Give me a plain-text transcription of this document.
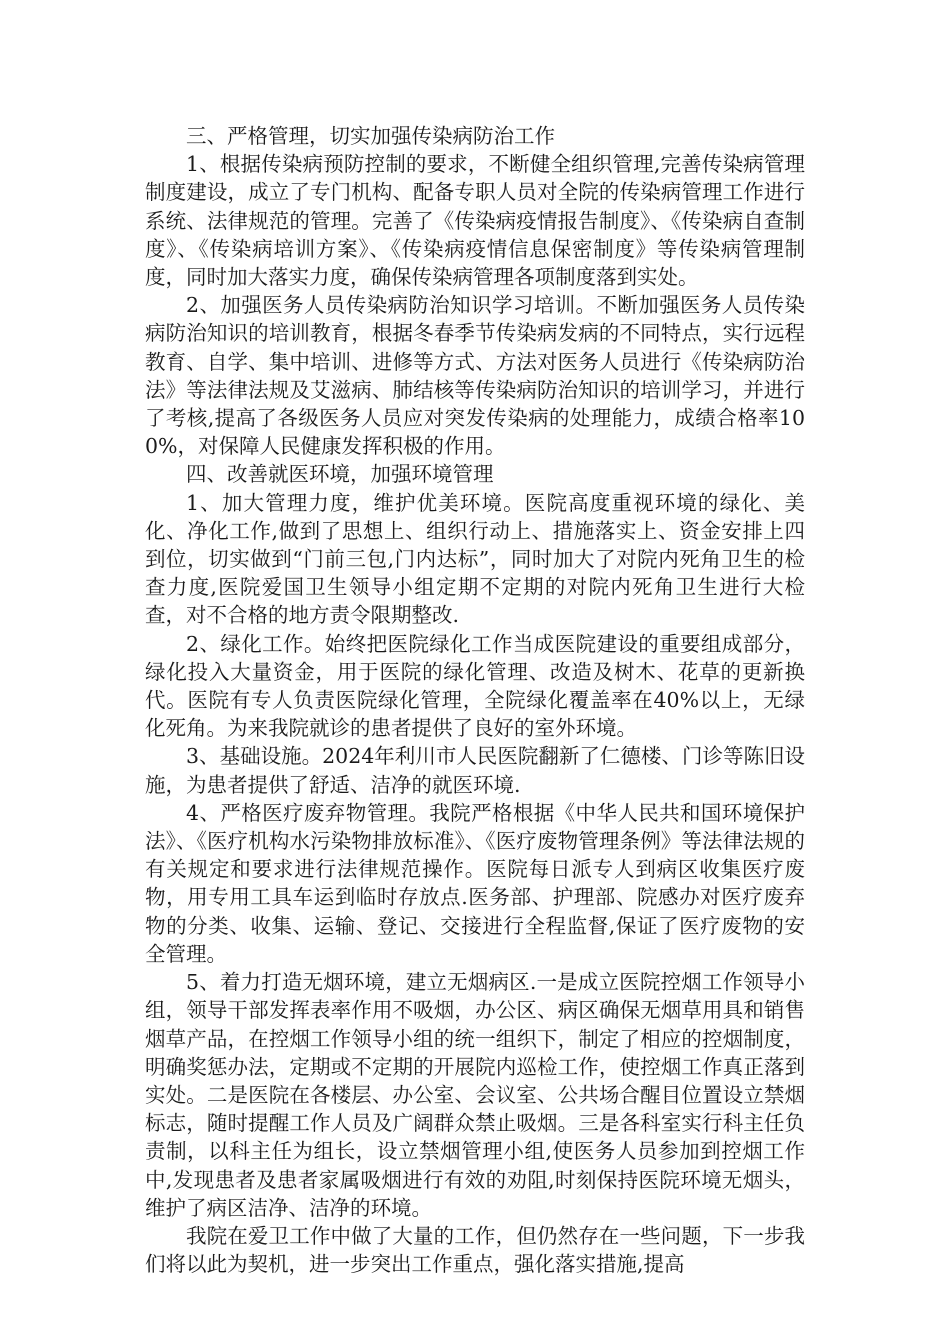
三、严格管理，切实加强传染病防治工作

1、根据传染病预防控制的要求，不断健全组织管理,完善传染病管理制度建设，成立了专门机构、配备专职人员对全院的传染病管理工作进行系统、法律规范的管理。完善了《传染病疫情报告制度》、《传染病自查制度》、《传染病培训方案》、《传染病疫情信息保密制度》等传染病管理制度，同时加大落实力度，确保传染病管理各项制度落到实处。

2、加强医务人员传染病防治知识学习培训。不断加强医务人员传染病防治知识的培训教育，根据冬春季节传染病发病的不同特点，实行远程教育、自学、集中培训、进修等方式、方法对医务人员进行《传染病防治法》等法律法规及艾滋病、肺结核等传染病防治知识的培训学习，并进行了考核,提高了各级医务人员应对突发传染病的处理能力，成绩合格率100%，对保障人民健康发挥积极的作用。

四、改善就医环境，加强环境管理

1、加大管理力度，维护优美环境。医院高度重视环境的绿化、美化、净化工作,做到了思想上、组织行动上、措施落实上、资金安排上四到位，切实做到“门前三包,门内达标”，同时加大了对院内死角卫生的检查力度,医院爱国卫生领导小组定期不定期的对院内死角卫生进行大检查，对不合格的地方责令限期整改.

2、绿化工作。始终把医院绿化工作当成医院建设的重要组成部分，绿化投入大量资金，用于医院的绿化管理、改造及树木、花草的更新换代。医院有专人负责医院绿化管理，全院绿化覆盖率在40%以上，无绿化死角。为来我院就诊的患者提供了良好的室外环境。

3、基础设施。2024年利川市人民医院翻新了仁德楼、门诊等陈旧设施，为患者提供了舒适、洁净的就医环境.

4、严格医疗废弃物管理。我院严格根据《中华人民共和国环境保护法》、《医疗机构水污染物排放标准》、《医疗废物管理条例》等法律法规的有关规定和要求进行法律规范操作。医院每日派专人到病区收集医疗废物，用专用工具车运到临时存放点.医务部、护理部、院感办对医疗废弃物的分类、收集、运输、登记、交接进行全程监督,保证了医疗废物的安全管理。

5、着力打造无烟环境，建立无烟病区.一是成立医院控烟工作领导小组，领导干部发挥表率作用不吸烟，办公区、病区确保无烟草用具和销售烟草产品，在控烟工作领导小组的统一组织下，制定了相应的控烟制度，明确奖惩办法，定期或不定期的开展院内巡检工作，使控烟工作真正落到实处。二是医院在各楼层、办公室、会议室、公共场合醒目位置设立禁烟标志，随时提醒工作人员及广阔群众禁止吸烟。三是各科室实行科主任负责制，以科主任为组长，设立禁烟管理小组,使医务人员参加到控烟工作中,发现患者及患者家属吸烟进行有效的劝阻,时刻保持医院环境无烟头，维护了病区洁净、洁净的环境。

我院在爱卫工作中做了大量的工作，但仍然存在一些问题，下一步我们将以此为契机，进一步突出工作重点，强化落实措施,提高
